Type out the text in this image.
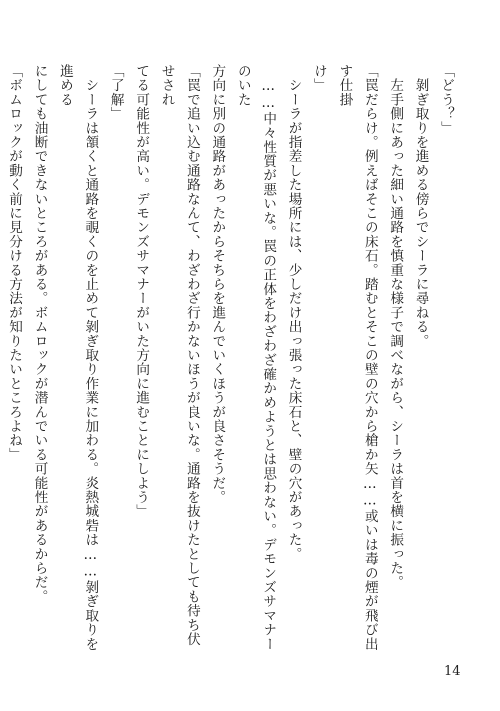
「どう？」

　剝ぎ取りを進める傍らでシーラに尋ねる。

　左手側にあった細い通路を慎重な様子で調べながら、シーラは首を横に振った。

「罠だらけ。例えばそこの床石。踏むとそこの壁の穴から槍か矢……或いは毒の煙が飛び出す仕掛

け」

　シーラが指差した場所には、少しだけ出っ張った床石と、壁の穴があった。

　……中々性質が悪いな。罠の正体をわざわざ確かめようとは思わない。デモンズサマナーのいた

方向に別の通路があったからそちらを進んでいくほうが良さそうだ。

「罠で追い込む通路なんて、わざわざ行かないほうが良いな。通路を抜けたとしても待ち伏せされ

てる可能性が高い。デモンズサマナーがいた方向に進むことにしよう」

「了解」

　シーラは頷くと通路を覗くのを止めて剝ぎ取り作業に加わる。炎熱城砦は……剝ぎ取りを進める

にしても油断できないところがある。ボムロックが潜んでいる可能性があるからだ。

「ボムロックが動く前に見分ける方法が知りたいところよね」

14
